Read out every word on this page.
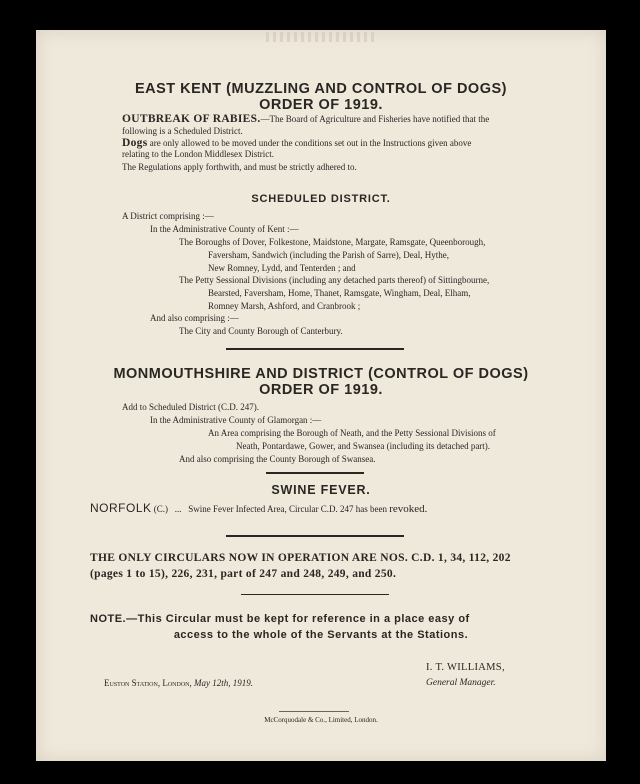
EAST KENT (MUZZLING AND CONTROL OF DOGS)

ORDER OF 1919.

OUTBREAK OF RABIES.—The Board of Agriculture and Fisheries have notified that the

following is a Scheduled District.

Dogs are only allowed to be moved under the conditions set out in the Instructions given above

relating to the London Middlesex District.

The Regulations apply forthwith, and must be strictly adhered to.

SCHEDULED DISTRICT.

A District comprising :—

In the Administrative County of Kent :—

The Boroughs of Dover, Folkestone, Maidstone, Margate, Ramsgate, Queenborough,

Faversham, Sandwich (including the Parish of Sarre), Deal, Hythe,

New Romney, Lydd, and Tenterden ; and

The Petty Sessional Divisions (including any detached parts thereof) of Sittingbourne,

Bearsted, Faversham, Home, Thanet, Ramsgate, Wingham, Deal, Elham,

Romney Marsh, Ashford, and Cranbrook ;

And also comprising :—

The City and County Borough of Canterbury.

MONMOUTHSHIRE AND DISTRICT (CONTROL OF DOGS)

ORDER OF 1919.

Add to Scheduled District (C.D. 247).

In the Administrative County of Glamorgan :—

An Area comprising the Borough of Neath, and the Petty Sessional Divisions of

Neath, Pontardawe, Gower, and Swansea (including its detached part).

And also comprising the County Borough of Swansea.

SWINE FEVER.

NORFOLK (C.) ... Swine Fever Infected Area, Circular C.D. 247 has been revoked.

THE ONLY CIRCULARS NOW IN OPERATION ARE NOS. C.D. 1, 34, 112, 202

(pages 1 to 15), 226, 231, part of 247 and 248, 249, and 250.

NOTE.—This Circular must be kept for reference in a place easy of

access to the whole of the Servants at the Stations.

I. T. WILLIAMS,

Euston Station, London, May 12th, 1919.	General Manager.

McCorquodale & Co., Limited, London.
